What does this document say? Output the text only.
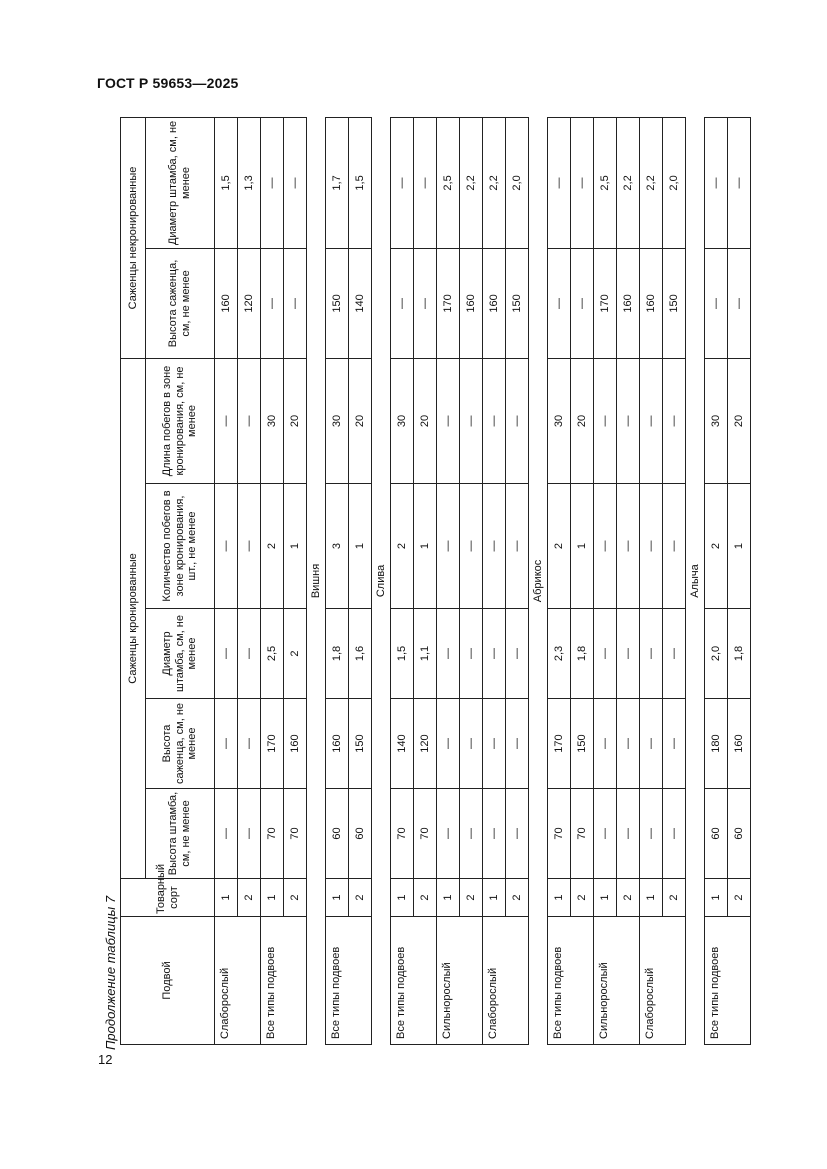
ГОСТ Р 59653—2025
12
Продолжение таблицы 7	Подвой	Товарный сорт	Саженцы кронированные					Саженцы некронированные	
		Высота штамба, см, не менее	Высота саженца, см, не менее	Диаметр штамба, см, не менее	Количество побегов в зоне кронирования, шт., не менее	Длина побегов в зоне кронирования, см, не менее	Высота саженца, см, не менее	Диаметр штамба, см, не менее
Слаборослый	1	—	—	—	—	—	160	1,5
	2	—	—	—	—	—	120	1,3
Все типы подвоев	1	70	170	2,5	2	30	—	—
	2	70	160	2	1	20	—	—
Вишня								
Все типы подвоев	1	60	160	1,8	3	30	150	1,7
	2	60	150	1,6	1	20	140	1,5
Слива								
Все типы подвоев	1	70	140	1,5	2	30	—	—
	2	70	120	1,1	1	20	—	—
Сильнорослый	1	—	—	—	—	—	170	2,5
	2	—	—	—	—	—	160	2,2
Слаборослый	1	—	—	—	—	—	160	2,2
	2	—	—	—	—	—	150	2,0
Абрикос								
Все типы подвоев	1	70	170	2,3	2	30	—	—
	2	70	150	1,8	1	20	—	—
Сильнорослый	1	—	—	—	—	—	170	2,5
	2	—	—	—	—	—	160	2,2
Слаборослый	1	—	—	—	—	—	160	2,2
	2	—	—	—	—	—	150	2,0
Алыча								
Все типы подвоев	1	60	180	2,0	2	30	—	—
	2	60	160	1,8	1	20	—	—
